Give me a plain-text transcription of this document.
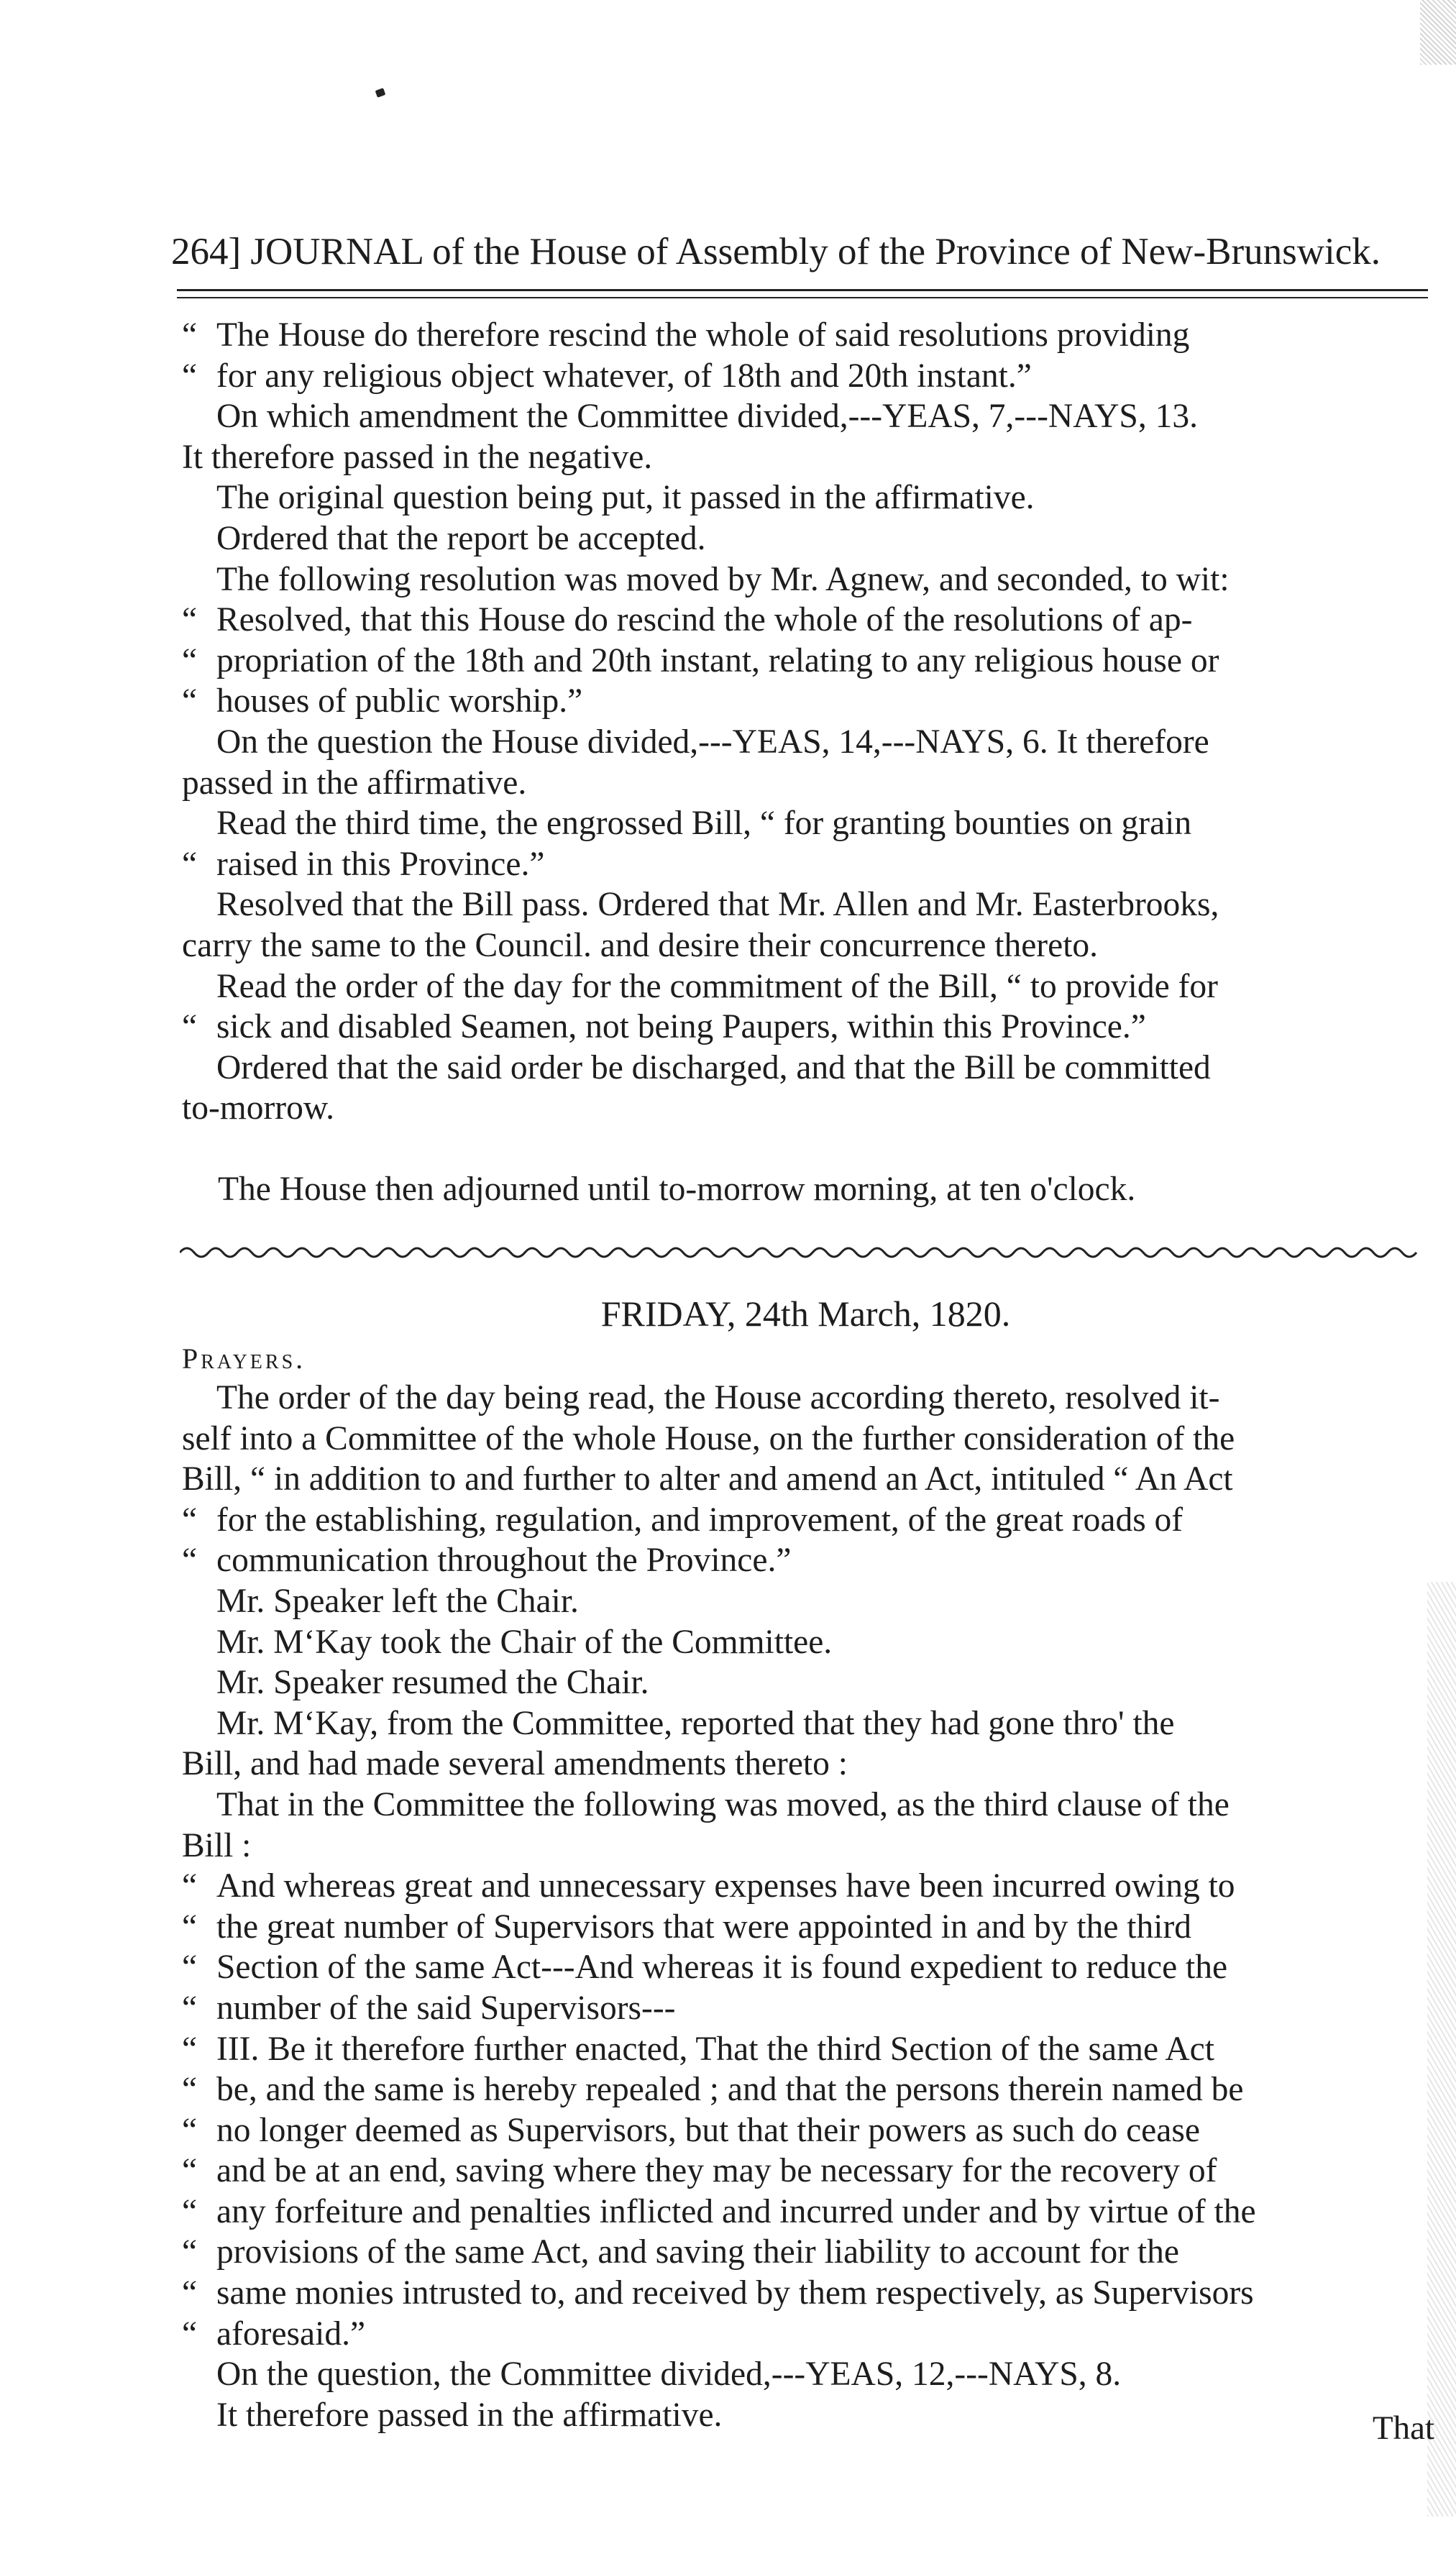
264] JOURNAL of the House of Assembly of the Province of New-Brunswick.
“ The House do therefore rescind the whole of said resolutions providing
“ for any religious object whatever, of 18th and 20th instant.”
On which amendment the Committee divided,---YEAS, 7,---NAYS, 13.
It therefore passed in the negative.
The original question being put, it passed in the affirmative.
Ordered that the report be accepted.
The following resolution was moved by Mr. Agnew, and seconded, to wit:
“ Resolved, that this House do rescind the whole of the resolutions of ap-
“ propriation of the 18th and 20th instant, relating to any religious house or
“ houses of public worship.”
On the question the House divided,---YEAS, 14,---NAYS, 6. It therefore
passed in the affirmative.
Read the third time, the engrossed Bill, “ for granting bounties on grain
“ raised in this Province.”
Resolved that the Bill pass. Ordered that Mr. Allen and Mr. Easterbrooks,
carry the same to the Council. and desire their concurrence thereto.
Read the order of the day for the commitment of the Bill, “ to provide for
“ sick and disabled Seamen, not being Paupers, within this Province.”
Ordered that the said order be discharged, and that the Bill be committed
to-morrow.
The House then adjourned until to-morrow morning, at ten o'clock.
FRIDAY, 24th March, 1820.
Prayers.
The order of the day being read, the House according thereto, resolved it-
self into a Committee of the whole House, on the further consideration of the
Bill, “ in addition to and further to alter and amend an Act, intituled “ An Act
“ for the establishing, regulation, and improvement, of the great roads of
“ communication throughout the Province.”
Mr. Speaker left the Chair.
Mr. M‘Kay took the Chair of the Committee.
Mr. Speaker resumed the Chair.
Mr. M‘Kay, from the Committee, reported that they had gone thro' the
Bill, and had made several amendments thereto :
That in the Committee the following was moved, as the third clause of the
Bill :
“ And whereas great and unnecessary expenses have been incurred owing to
“ the great number of Supervisors that were appointed in and by the third
“ Section of the same Act---And whereas it is found expedient to reduce the
“ number of the said Supervisors---
“ III. Be it therefore further enacted, That the third Section of the same Act
“ be, and the same is hereby repealed ; and that the persons therein named be
“ no longer deemed as Supervisors, but that their powers as such do cease
“ and be at an end, saving where they may be necessary for the recovery of
“ any forfeiture and penalties inflicted and incurred under and by virtue of the
“ provisions of the same Act, and saving their liability to account for the
“ same monies intrusted to, and received by them respectively, as Supervisors
“ aforesaid.”
On the question, the Committee divided,---YEAS, 12,---NAYS, 8.
It therefore passed in the affirmative.	That
